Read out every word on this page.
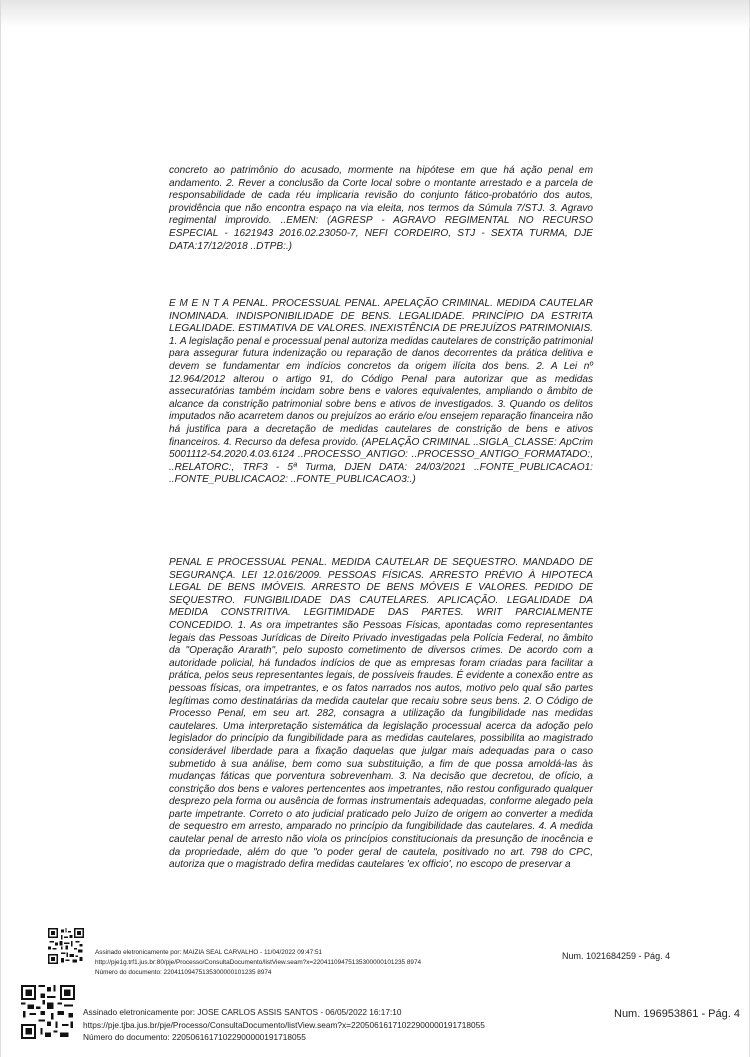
concreto ao patrimônio do acusado, mormente na hipótese em que há ação penal em andamento. 2. Rever a conclusão da Corte local sobre o montante arrestado e a parcela de responsabilidade de cada réu implicaria revisão do conjunto fático-probatório dos autos, providência que não encontra espaço na via eleita, nos termos da Súmula 7/STJ. 3. Agravo regimental improvido. ..EMEN: (AGRESP - AGRAVO REGIMENTAL NO RECURSO ESPECIAL - 1621943 2016.02.23050-7, NEFI CORDEIRO, STJ - SEXTA TURMA, DJE DATA:17/12/2018 ..DTPB:.)

E M E N T A PENAL. PROCESSUAL PENAL. APELAÇÃO CRIMINAL. MEDIDA CAUTELAR INOMINADA. INDISPONIBILIDADE DE BENS. LEGALIDADE. PRINCÍPIO DA ESTRITA LEGALIDADE. ESTIMATIVA DE VALORES. INEXISTÊNCIA DE PREJUÍZOS PATRIMONIAIS. 1. A legislação penal e processual penal autoriza medidas cautelares de constrição patrimonial para assegurar futura indenização ou reparação de danos decorrentes da prática delitiva e devem se fundamentar em indícios concretos da origem ilícita dos bens. 2. A Lei nº 12.964/2012 alterou o artigo 91, do Código Penal para autorizar que as medidas assecuratórias também incidam sobre bens e valores equivalentes, ampliando o âmbito de alcance da constrição patrimonial sobre bens e ativos de investigados. 3. Quando os delitos imputados não acarretem danos ou prejuízos ao erário e/ou ensejem reparação financeira não há justifica para a decretação de medidas cautelares de constrição de bens e ativos financeiros. 4. Recurso da defesa provido. (APELAÇÃO CRIMINAL ..SIGLA_CLASSE: ApCrim 5001112-54.2020.4.03.6124 ..PROCESSO_ANTIGO: ..PROCESSO_ANTIGO_FORMATADO:, ..RELATORC:, TRF3 - 5ª Turma, DJEN DATA: 24/03/2021 ..FONTE_PUBLICACAO1: ..FONTE_PUBLICACAO2: ..FONTE_PUBLICACAO3:.)

PENAL E PROCESSUAL PENAL. MEDIDA CAUTELAR DE SEQUESTRO. MANDADO DE SEGURANÇA. LEI 12.016/2009. PESSOAS FÍSICAS. ARRESTO PRÉVIO À HIPOTECA LEGAL DE BENS IMÓVEIS. ARRESTO DE BENS MÓVEIS E VALORES. PEDIDO DE SEQUESTRO. FUNGIBILIDADE DAS CAUTELARES. APLICAÇÃO. LEGALIDADE DA MEDIDA CONSTRITIVA. LEGITIMIDADE DAS PARTES. WRIT PARCIALMENTE CONCEDIDO. 1. As ora impetrantes são Pessoas Físicas, apontadas como representantes legais das Pessoas Jurídicas de Direito Privado investigadas pela Polícia Federal, no âmbito da "Operação Ararath", pelo suposto cometimento de diversos crimes. De acordo com a autoridade policial, há fundados indícios de que as empresas foram criadas para facilitar a prática, pelos seus representantes legais, de possíveis fraudes. É evidente a conexão entre as pessoas físicas, ora impetrantes, e os fatos narrados nos autos, motivo pelo qual são partes legítimas como destinatárias da medida cautelar que recaiu sobre seus bens. 2. O Código de Processo Penal, em seu art. 282, consagra a utilização da fungibilidade nas medidas cautelares. Uma interpretação sistemática da legislação processual acerca da adoção pelo legislador do princípio da fungibilidade para as medidas cautelares, possibilita ao magistrado considerável liberdade para a fixação daquelas que julgar mais adequadas para o caso submetido à sua análise, bem como sua substituição, a fim de que possa amoldá-las às mudanças fáticas que porventura sobrevenham. 3. Na decisão que decretou, de ofício, a constrição dos bens e valores pertencentes aos impetrantes, não restou configurado qualquer desprezo pela forma ou ausência de formas instrumentais adequadas, conforme alegado pela parte impetrante. Correto o ato judicial praticado pelo Juízo de origem ao converter a medida de sequestro em arresto, amparado no princípio da fungibilidade das cautelares. 4. A medida cautelar penal de arresto não viola os princípios constitucionais da presunção de inocência e da propriedade, além do que "o poder geral de cautela, positivado no art. 798 do CPC, autoriza que o magistrado defira medidas cautelares 'ex officio', no escopo de preservar a

Assinado eletronicamente por: MAIZIA SEAL CARVALHO - 11/04/2022 09:47:51
http://pje1g.trf1.jus.br:80/pje/Processo/ConsultaDocumento/listView.seam?x=22041109475135300000101235 8974
Número do documento: 22041109475135300000101235 8974
Num. 1021684259 - Pág. 4
Assinado eletronicamente por: JOSE CARLOS ASSIS SANTOS - 06/05/2022 16:17:10
https://pje.tjba.jus.br/pje/Processo/ConsultaDocumento/listView.seam?x=22050616171022900000191718055
Número do documento: 22050616171022900000191718055
Num. 196953861 - Pág. 4
